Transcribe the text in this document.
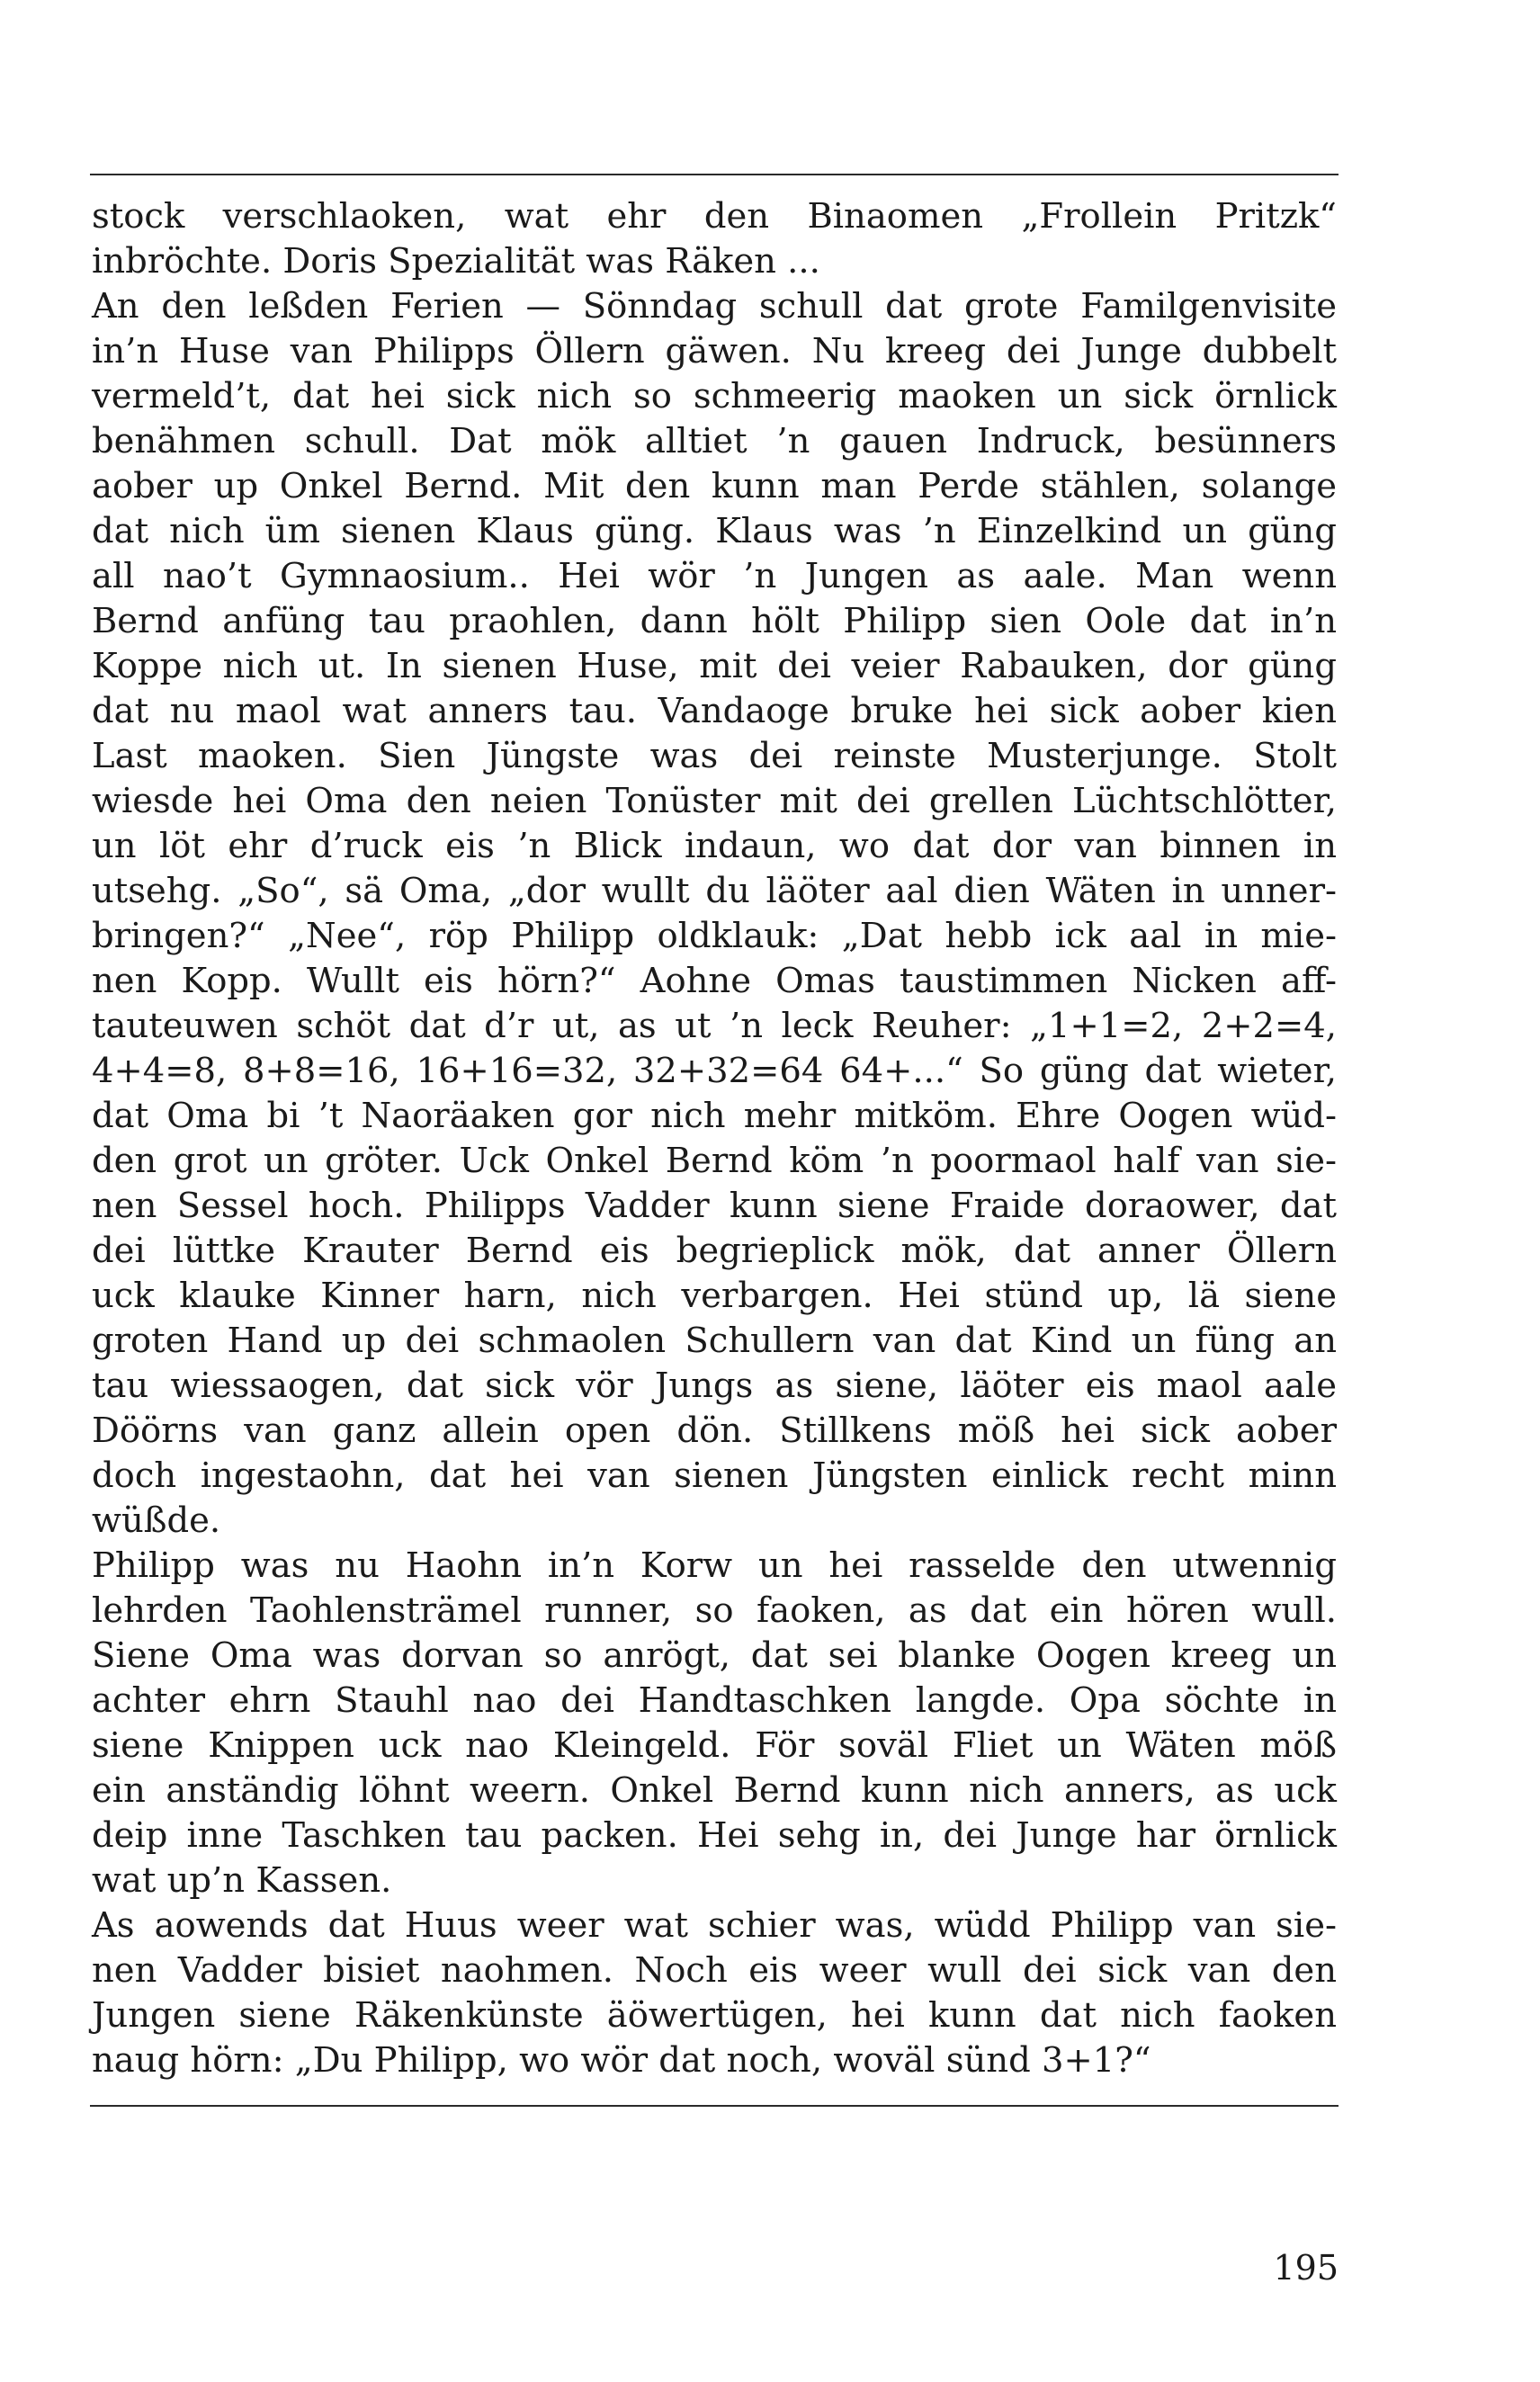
stock verschlaoken, wat ehr den Binaomen „Frollein Pritzk“
inbröchte. Doris Spezialität was Räken ...
An den leßden Ferien — Sönndag schull dat grote Familgenvisite
in’n Huse van Philipps Öllern gäwen. Nu kreeg dei Junge dubbelt
vermeld’t, dat hei sick nich so schmeerig maoken un sick örnlick
benähmen schull. Dat mök alltiet ’n gauen Indruck, besünners
aober up Onkel Bernd. Mit den kunn man Perde stählen, solange
dat nich üm sienen Klaus güng. Klaus was ’n Einzelkind un güng
all nao’t Gymnaosium.. Hei wör ’n Jungen as aale. Man wenn
Bernd anfüng tau praohlen, dann hölt Philipp sien Oole dat in’n
Koppe nich ut. In sienen Huse, mit dei veier Rabauken, dor güng
dat nu maol wat anners tau. Vandaoge bruke hei sick aober kien
Last maoken. Sien Jüngste was dei reinste Musterjunge. Stolt
wiesde hei Oma den neien Tonüster mit dei grellen Lüchtschlötter,
un löt ehr d’ruck eis ’n Blick indaun, wo dat dor van binnen in
utsehg. „So“, sä Oma, „dor wullt du läöter aal dien Wäten in unner-
bringen?“ „Nee“, röp Philipp oldklauk: „Dat hebb ick aal in mie-
nen Kopp. Wullt eis hörn?“ Aohne Omas taustimmen Nicken aff-
tauteuwen schöt dat d’r ut, as ut ’n leck Reuher: „1+1=2, 2+2=4,
4+4=8, 8+8=16, 16+16=32, 32+32=64 64+...“ So güng dat wieter,
dat Oma bi ’t Naoräaken gor nich mehr mitköm. Ehre Oogen wüd-
den grot un gröter. Uck Onkel Bernd köm ’n poormaol half van sie-
nen Sessel hoch. Philipps Vadder kunn siene Fraide doraower, dat
dei lüttke Krauter Bernd eis begrieplick mök, dat anner Öllern
uck klauke Kinner harn, nich verbargen. Hei stünd up, lä siene
groten Hand up dei schmaolen Schullern van dat Kind un füng an
tau wiessaogen, dat sick vör Jungs as siene, läöter eis maol aale
Döörns van ganz allein open dön. Stillkens möß hei sick aober
doch ingestaohn, dat hei van sienen Jüngsten einlick recht minn
wüßde.
Philipp was nu Haohn in’n Korw un hei rasselde den utwennig
lehrden Taohlensträmel runner, so faoken, as dat ein hören wull.
Siene Oma was dorvan so anrögt, dat sei blanke Oogen kreeg un
achter ehrn Stauhl nao dei Handtaschken langde. Opa söchte in
siene Knippen uck nao Kleingeld. För soväl Fliet un Wäten möß
ein anständig löhnt weern. Onkel Bernd kunn nich anners, as uck
deip inne Taschken tau packen. Hei sehg in, dei Junge har örnlick
wat up’n Kassen.
As aowends dat Huus weer wat schier was, wüdd Philipp van sie-
nen Vadder bisiet naohmen. Noch eis weer wull dei sick van den
Jungen siene Räkenkünste äöwertügen, hei kunn dat nich faoken
naug hörn: „Du Philipp, wo wör dat noch, woväl sünd 3+1?“
195
